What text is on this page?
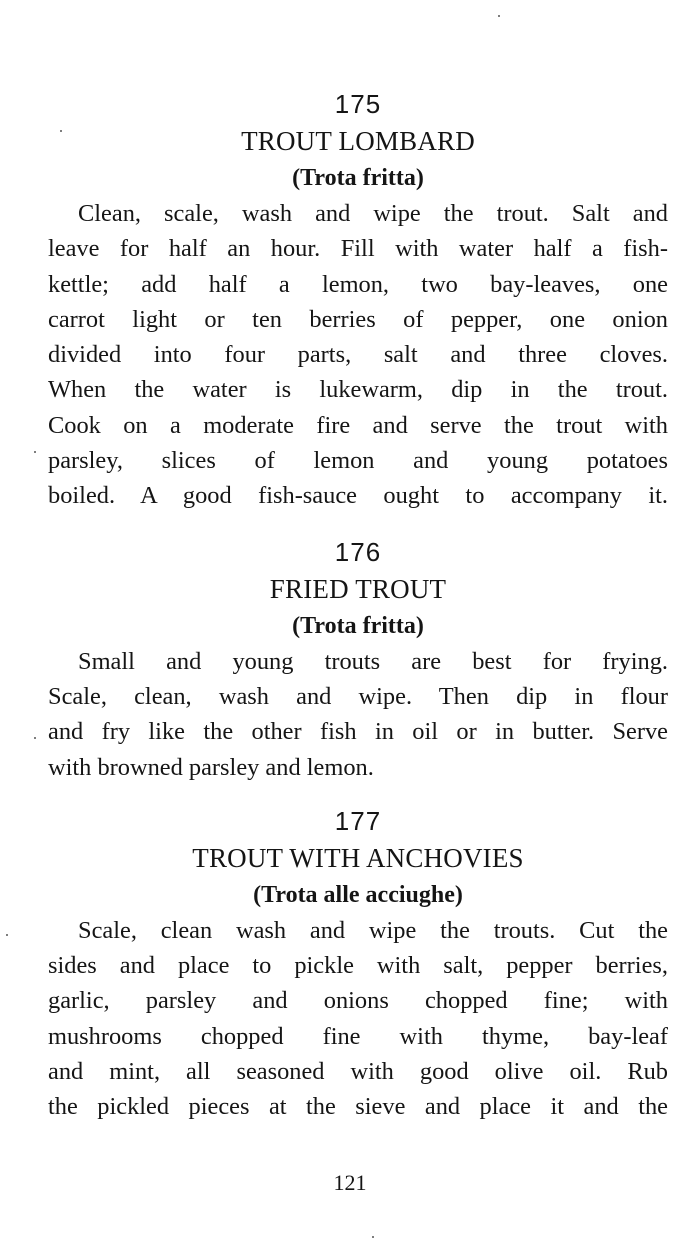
175

TROUT LOMBARD

(Trota fritta)

Clean, scale, wash and wipe the trout. Salt and
leave for half an hour. Fill with water half a fish-
kettle; add half a lemon, two bay-leaves, one
carrot light or ten berries of pepper, one onion
divided into four parts, salt and three cloves.
When the water is lukewarm, dip in the trout.
Cook on a moderate fire and serve the trout with
parsley, slices of lemon and young potatoes
boiled. A good fish-sauce ought to accompany it.

176

FRIED TROUT

(Trota fritta)

Small and young trouts are best for frying.
Scale, clean, wash and wipe. Then dip in flour
and fry like the other fish in oil or in butter. Serve
with browned parsley and lemon.

177

TROUT WITH ANCHOVIES

(Trota alle acciughe)

Scale, clean wash and wipe the trouts. Cut the
sides and place to pickle with salt, pepper berries,
garlic, parsley and onions chopped fine; with
mushrooms chopped fine with thyme, bay-leaf
and mint, all seasoned with good olive oil. Rub
the pickled pieces at the sieve and place it and the
121
